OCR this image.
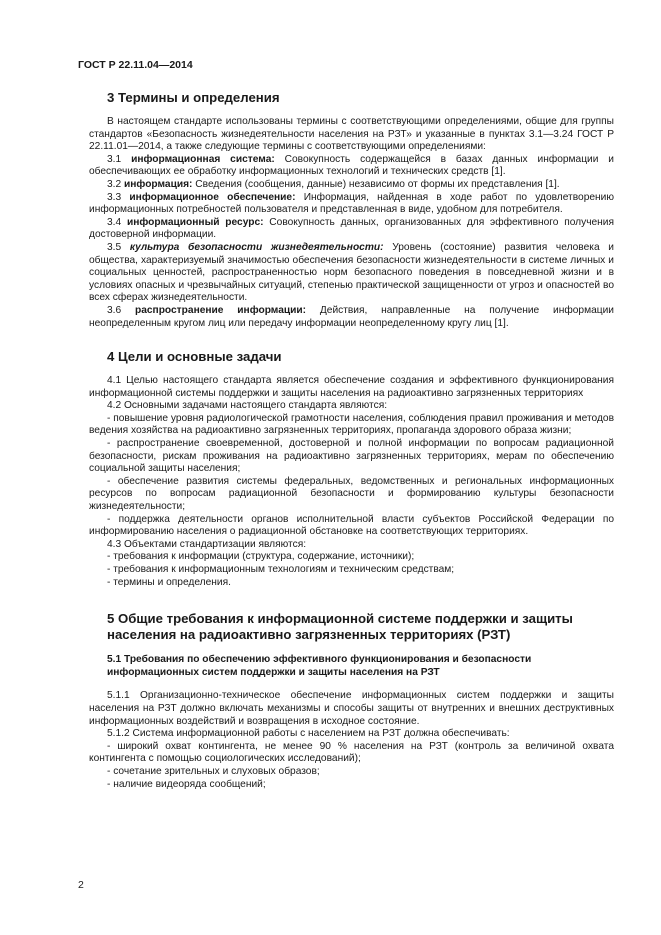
ГОСТ Р 22.11.04—2014
3 Термины и определения

В настоящем стандарте использованы термины с соответствующими определениями, общие для группы стандартов «Безопасность жизнедеятельности населения на РЗТ» и указанные в пунктах 3.1—3.24 ГОСТ Р 22.11.01—2014, а также следующие термины с соответствующими определениями:

3.1 информационная система: Совокупность содержащейся в базах данных информации и обеспечивающих ее обработку информационных технологий и технических средств [1].

3.2 информация: Сведения (сообщения, данные) независимо от формы их представления [1].

3.3 информационное обеспечение: Информация, найденная в ходе работ по удовлетворению информационных потребностей пользователя и представленная в виде, удобном для потребителя.

3.4 информационный ресурс: Совокупность данных, организованных для эффективного получения достоверной информации.

3.5 культура безопасности жизнедеятельности: Уровень (состояние) развития человека и общества, характеризуемый значимостью обеспечения безопасности жизнедеятельности в системе личных и социальных ценностей, распространенностью норм безопасного поведения в повседневной жизни и в условиях опасных и чрезвычайных ситуаций, степенью практической защищенности от угроз и опасностей во всех сферах жизнедеятельности.

3.6 распространение информации: Действия, направленные на получение информации неопределенным кругом лиц или передачу информации неопределенному кругу лиц [1].

4 Цели и основные задачи

4.1 Целью настоящего стандарта является обеспечение создания и эффективного функционирования информационной системы поддержки и защиты населения на радиоактивно загрязненных территориях

4.2 Основными задачами настоящего стандарта являются:

- повышение уровня радиологической грамотности населения, соблюдения правил проживания и методов ведения хозяйства на радиоактивно загрязненных территориях, пропаганда здорового образа жизни;

- распространение своевременной, достоверной и полной информации по вопросам радиационной безопасности, рискам проживания на радиоактивно загрязненных территориях, мерам по обеспечению социальной защиты населения;

- обеспечение развития системы федеральных, ведомственных и региональных информационных ресурсов по вопросам радиационной безопасности и формированию культуры безопасности жизнедеятельности;

- поддержка деятельности органов исполнительной власти субъектов Российской Федерации по информированию населения о радиационной обстановке на соответствующих территориях.

4.3 Объектами стандартизации являются:

- требования к информации (структура, содержание, источники);

- требования к информационным технологиям и техническим средствам;

- термины и определения.

5 Общие требования к информационной системе поддержки и защиты населения на радиоактивно загрязненных территориях (РЗТ)
5.1 Требования по обеспечению эффективного функционирования и безопасности информационных систем поддержки и защиты населения на РЗТ

5.1.1 Организационно-техническое обеспечение информационных систем поддержки и защиты населения на РЗТ должно включать механизмы и способы защиты от внутренних и внешних деструктивных информационных воздействий и возвращения в исходное состояние.

5.1.2 Система информационной работы с населением на РЗТ должна обеспечивать:

- широкий охват контингента, не менее 90 % населения на РЗТ (контроль за величиной охвата контингента с помощью социологических исследований);

- сочетание зрительных и слуховых образов;

- наличие видеоряда сообщений;

2
